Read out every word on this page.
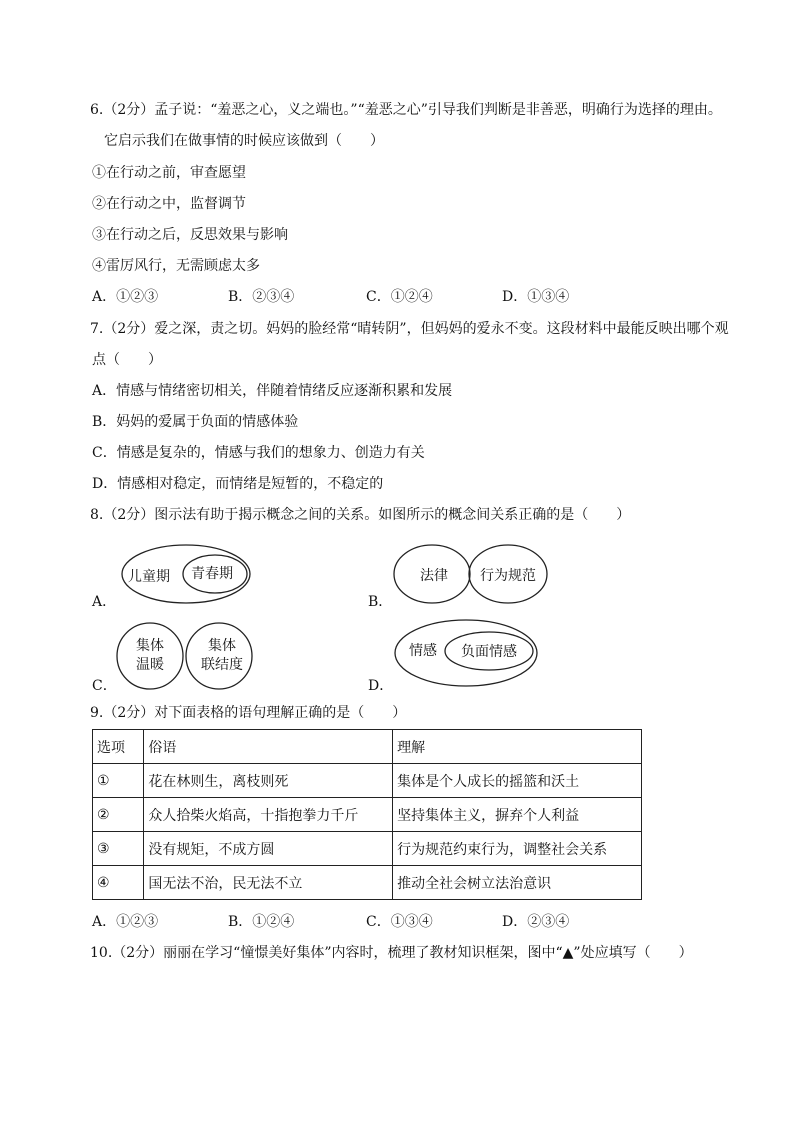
6.（2分）孟子说：“羞恶之心，义之端也。”“羞恶之心”引导我们判断是非善恶，明确行为选择的理由。
它启示我们在做事情的时候应该做到（　　）
①在行动之前，审查愿望
②在行动之中，监督调节
③在行动之后，反思效果与影响
④雷厉风行，无需顾虑太多
A．①②③	B．②③④	C．①②④	D．①③④
7.（2分）爱之深，责之切。妈妈的脸经常“晴转阴”，但妈妈的爱永不变。这段材料中最能反映出哪个观
点（　　）
A．情感与情绪密切相关，伴随着情绪反应逐渐积累和发展
B．妈妈的爱属于负面的情感体验
C．情感是复杂的，情感与我们的想象力、创造力有关
D．情感相对稳定，而情绪是短暂的，不稳定的
8.（2分）图示法有助于揭示概念之间的关系。如图所示的概念间关系正确的是（　　）
儿童期 青春期
A．
法律 行为规范
B．
集体
温暖
集体
联结度
C．
情感 负面情感
D．
9.（2分）对下面表格的语句理解正确的是（　　）
选项	俗语	理解
①	花在林则生，离枝则死	集体是个人成长的摇篮和沃土
②	众人拾柴火焰高，十指抱拳力千斤	坚持集体主义，摒弃个人利益
③	没有规矩，不成方圆	行为规范约束行为，调整社会关系
④	国无法不治，民无法不立	推动全社会树立法治意识
A．①②③	B．①②④	C．①③④	D．②③④
10.（2分）丽丽在学习“憧憬美好集体”内容时，梳理了教材知识框架，图中“▲”处应填写（　　）
